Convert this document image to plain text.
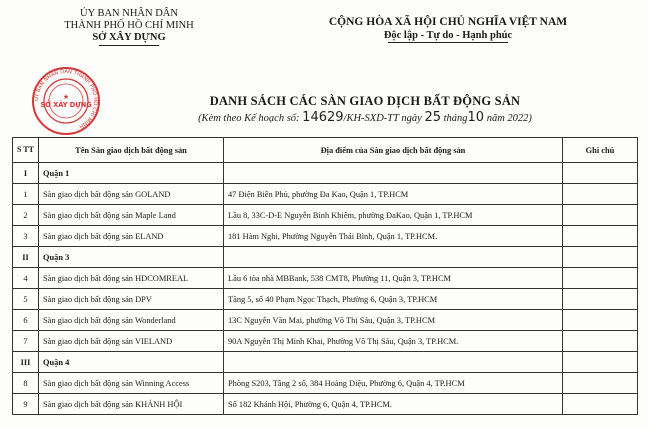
ỦY BAN NHÂN DÂN
THÀNH PHỐ HỒ CHÍ MINH
SỞ XÂY DỰNG
CỘNG HÒA XÃ HỘI CHỦ NGHĨA VIỆT NAM
Độc lập - Tự do - Hạnh phúc
ỦY BAN NHÂN DÂN THÀNH PHỐ HỒ CHÍ MINH
★
SỞ XÂY DỰNG	DANH SÁCH CÁC SÀN GIAO DỊCH BẤT ĐỘNG SẢN
(Kèm theo Kế hoạch số: 14629/KH-SXD-TT ngày 25 tháng10 năm 2022)
S TT	Tên Sàn giao dịch bất động sản	Địa điểm của Sàn giao dịch bất động sản	Ghi chú
I	Quận 1		
1	Sàn giao dịch bất động sản GOLAND	47 Điện Biên Phủ, phường Đa Kao, Quận 1, TP.HCM	
2	Sàn giao dịch bất động sản Maple Land	Lầu 8, 33C-D-E Nguyễn Bỉnh Khiêm, phường ĐaKao, Quận 1, TP.HCM	
3	Sàn giao dịch bất động sản ELAND	181 Hàm Nghi, Phường Nguyễn Thái Bình, Quận 1, TP.HCM.	
II	Quận 3		
4	Sàn giao dịch bất động sản HDCOMREAL	Lầu 6 tòa nhà MBBank, 538 CMT8, Phường 11, Quận 3, TP.HCM	
5	Sàn giao dịch bất động sản DPV	Tầng 5, số 40 Phạm Ngọc Thạch, Phường 6, Quận 3, TP.HCM	
6	Sàn giao dịch bất động sản Wonderland	13C Nguyễn Văn Mai, phường Võ Thị Sáu, Quận 3, TP.HCM	
7	Sàn giao dịch bất động sản VIELAND	90A Nguyễn Thị Minh Khai, Phường Võ Thị Sáu, Quận 3, TP.HCM.	
III	Quận 4		
8	Sàn giao dịch bất động sản Winning Access	Phòng S203, Tầng 2 số, 384 Hoàng Diệu, Phường 6, Quận 4, TP.HCM	
9	Sàn giao dịch bất động sản KHÁNH HỘI	Số 182 Khánh Hội, Phường 6, Quận 4, TP.HCM.	
